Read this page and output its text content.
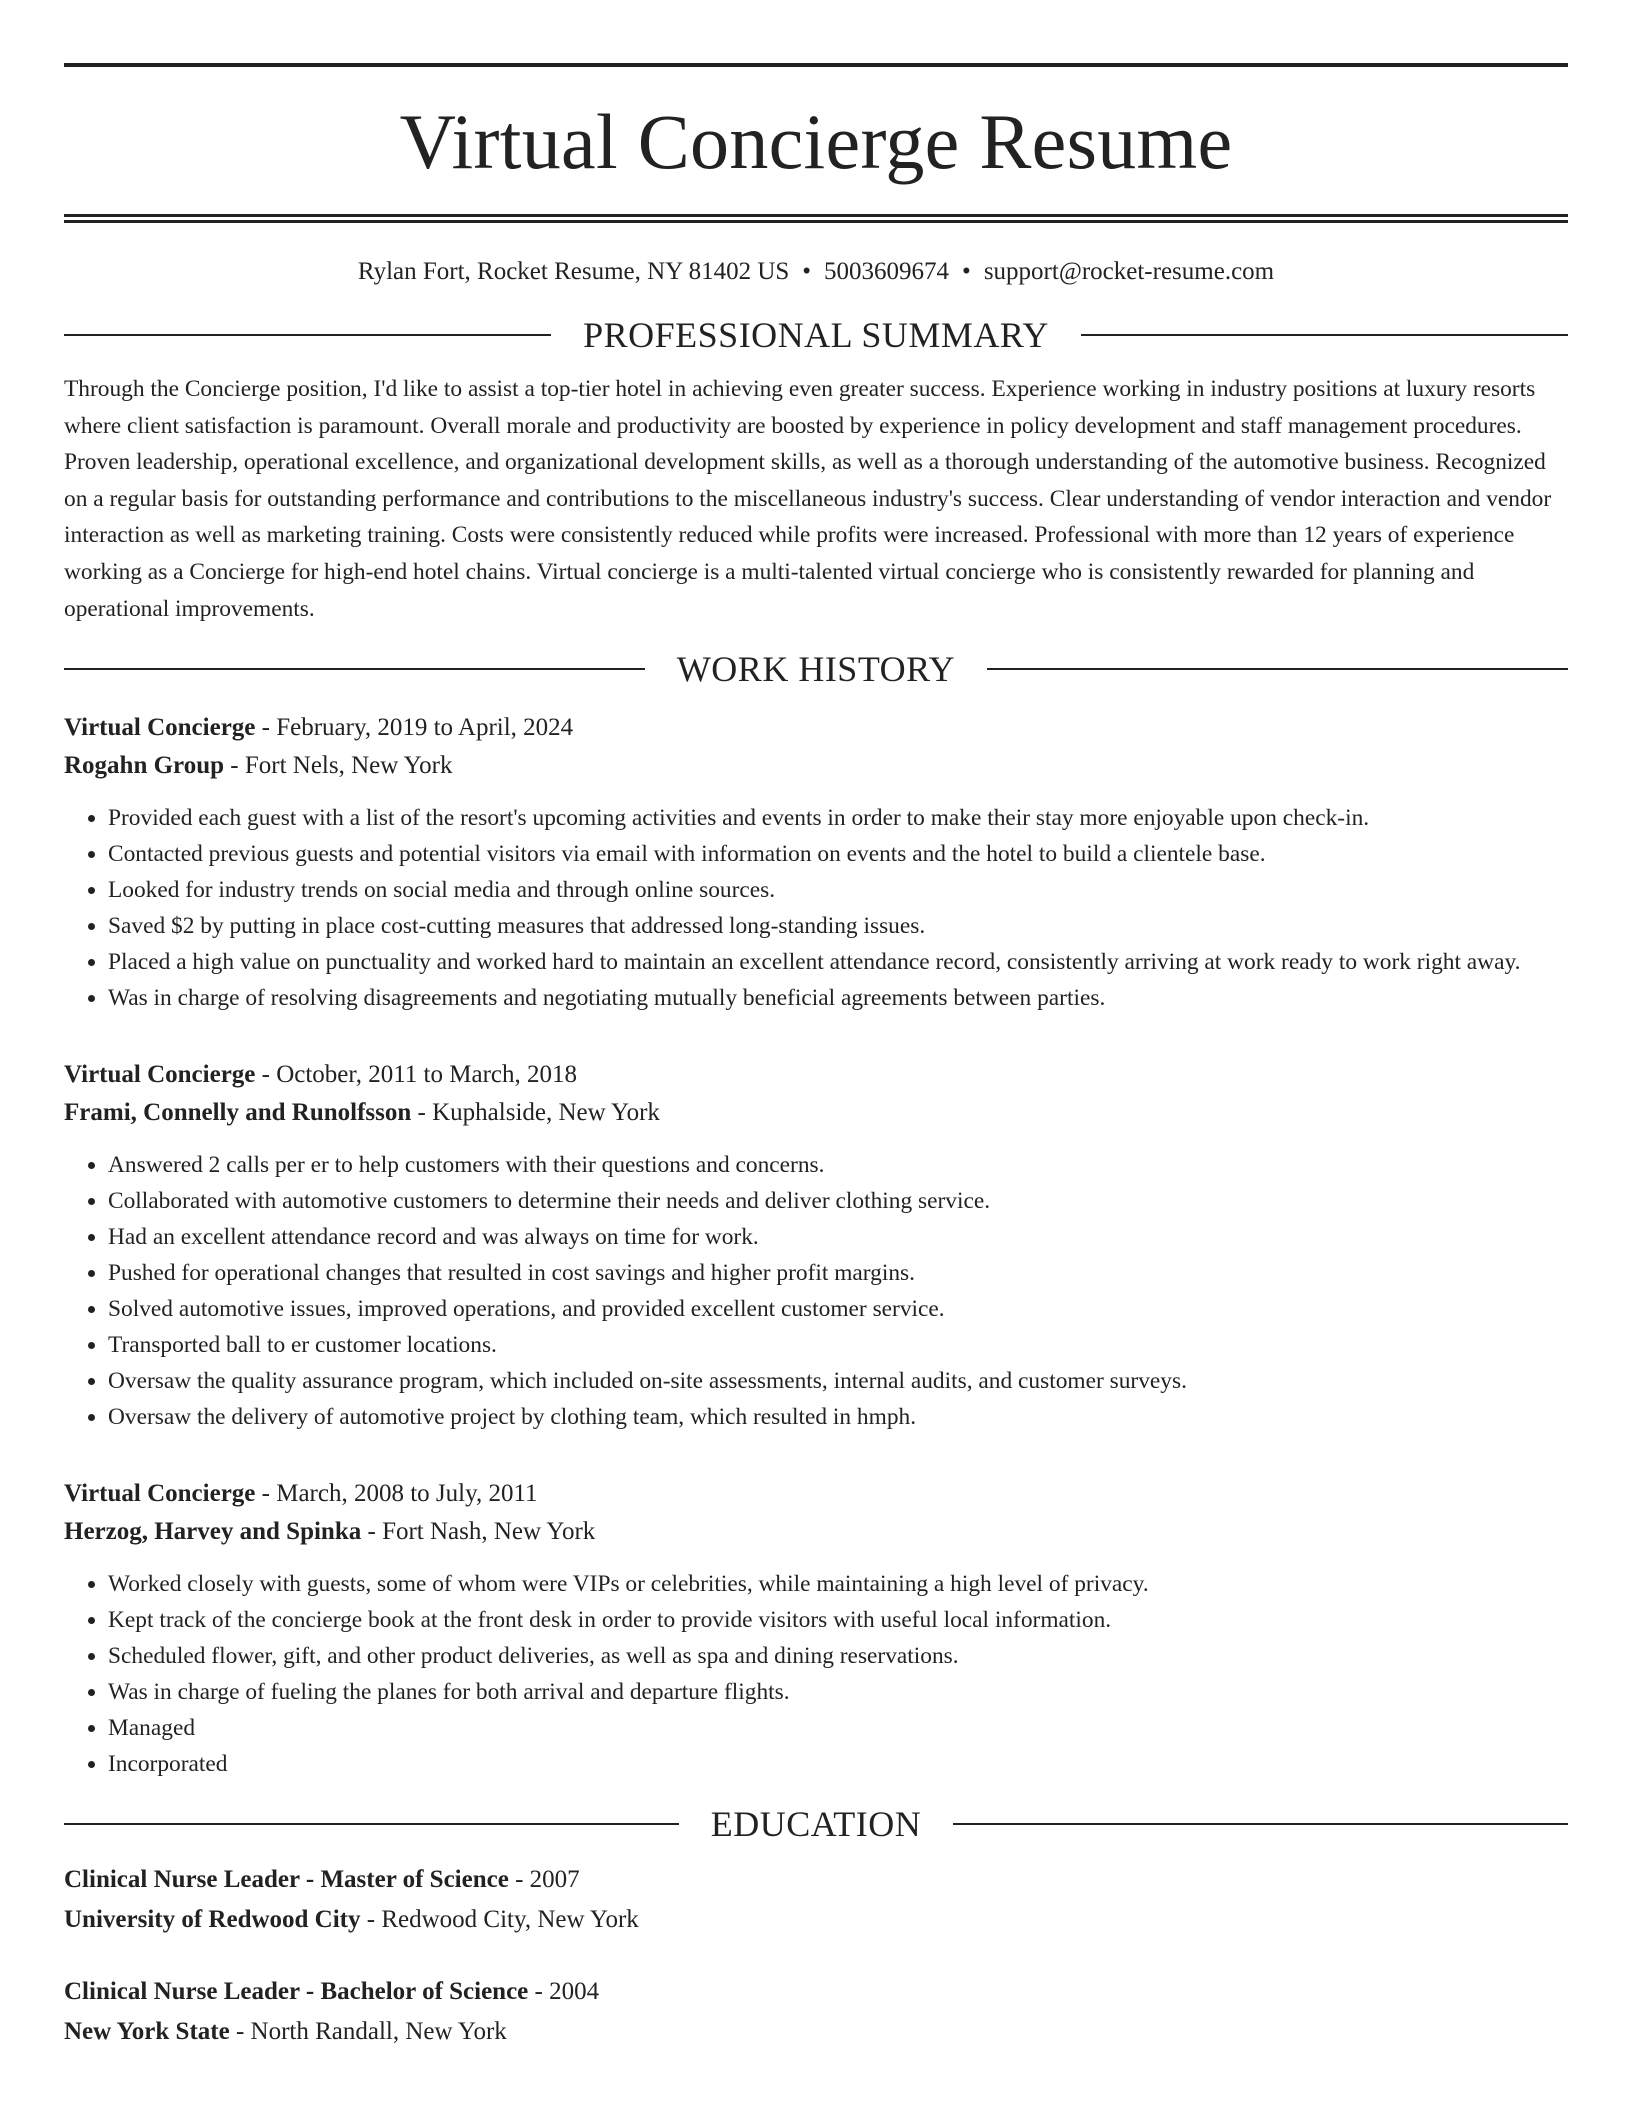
Virtual Concierge Resume
Rylan Fort, Rocket Resume, NY 81402 US • 5003609674 • support@rocket-resume.com
PROFESSIONAL SUMMARY

Through the Concierge position, I'd like to assist a top-tier hotel in achieving even greater success. Experience working in industry positions at luxury resorts where client satisfaction is paramount. Overall morale and productivity are boosted by experience in policy development and staff management procedures. Proven leadership, operational excellence, and organizational development skills, as well as a thorough understanding of the automotive business. Recognized on a regular basis for outstanding performance and contributions to the miscellaneous industry's success. Clear understanding of vendor interaction and vendor interaction as well as marketing training. Costs were consistently reduced while profits were increased. Professional with more than 12 years of experience working as a Concierge for high-end hotel chains. Virtual concierge is a multi-talented virtual concierge who is consistently rewarded for planning and operational improvements.

WORK HISTORY
Virtual Concierge - February, 2019 to April, 2024
Rogahn Group - Fort Nels, New York
• Provided each guest with a list of the resort's upcoming activities and events in order to make their stay more enjoyable upon check-in.
• Contacted previous guests and potential visitors via email with information on events and the hotel to build a clientele base.
• Looked for industry trends on social media and through online sources.
• Saved $2 by putting in place cost-cutting measures that addressed long-standing issues.
• Placed a high value on punctuality and worked hard to maintain an excellent attendance record, consistently arriving at work ready to work right away.
• Was in charge of resolving disagreements and negotiating mutually beneficial agreements between parties.
Virtual Concierge - October, 2011 to March, 2018
Frami, Connelly and Runolfsson - Kuphalside, New York
• Answered 2 calls per er to help customers with their questions and concerns.
• Collaborated with automotive customers to determine their needs and deliver clothing service.
• Had an excellent attendance record and was always on time for work.
• Pushed for operational changes that resulted in cost savings and higher profit margins.
• Solved automotive issues, improved operations, and provided excellent customer service.
• Transported ball to er customer locations.
• Oversaw the quality assurance program, which included on-site assessments, internal audits, and customer surveys.
• Oversaw the delivery of automotive project by clothing team, which resulted in hmph.
Virtual Concierge - March, 2008 to July, 2011
Herzog, Harvey and Spinka - Fort Nash, New York
• Worked closely with guests, some of whom were VIPs or celebrities, while maintaining a high level of privacy.
• Kept track of the concierge book at the front desk in order to provide visitors with useful local information.
• Scheduled flower, gift, and other product deliveries, as well as spa and dining reservations.
• Was in charge of fueling the planes for both arrival and departure flights.
• Managed
• Incorporated
EDUCATION
Clinical Nurse Leader - Master of Science - 2007
University of Redwood City - Redwood City, New York
Clinical Nurse Leader - Bachelor of Science - 2004
New York State - North Randall, New York
